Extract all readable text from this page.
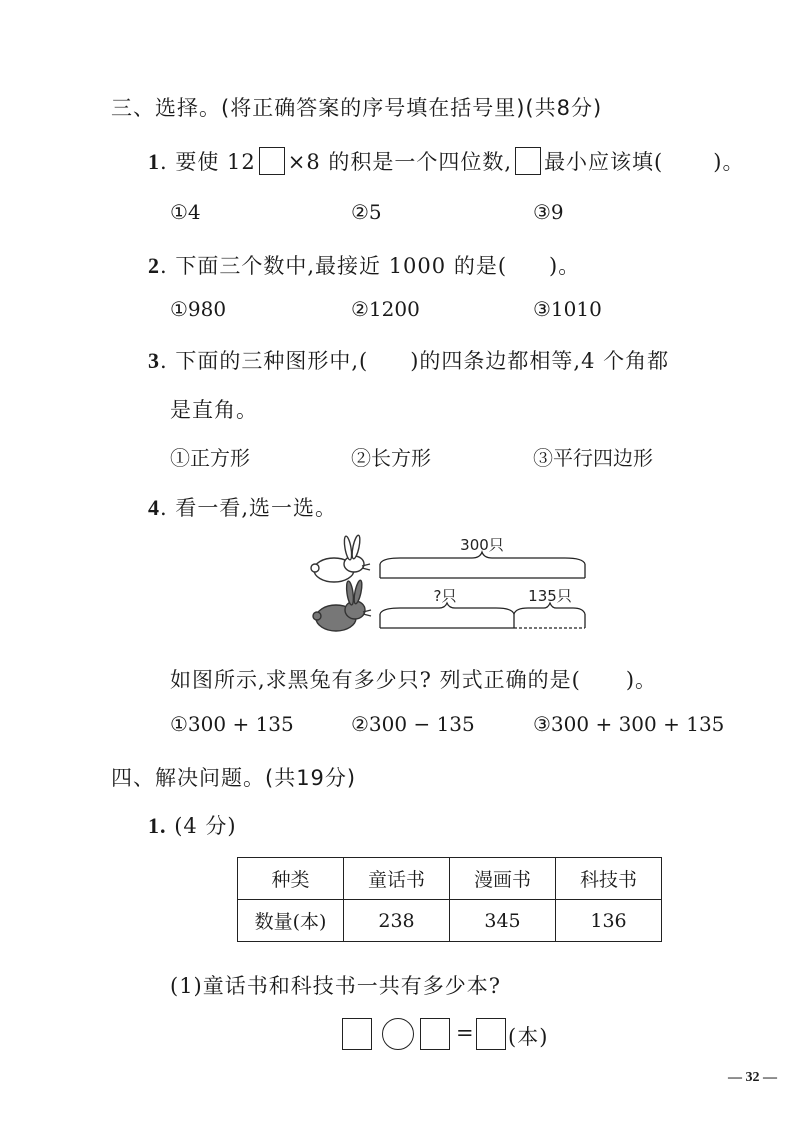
三、选择。(将正确答案的序号填在括号里)(共8分)
1. 要使 12 ×8 的积是一个四位数, 最小应该填( )。
①4	②5	③9
2. 下面三个数中,最接近 1000 的是( )。
①980	②1200	③1010
3. 下面的三种图形中,( )的四条边都相等,4 个角都
是直角。
①正方形	②长方形	③平行四边形
4. 看一看,选一选。
300只
?只	135只
如图所示,求黑兔有多少只? 列式正确的是( )。
①300 + 135	②300 − 135	③300 + 300 + 135
四、解决问题。(共19分)
1. (4 分)
种类	童话书	漫画书	科技书
数量(本)	238	345	136
(1)童话书和科技书一共有多少本?
= (本)
— 32 —
